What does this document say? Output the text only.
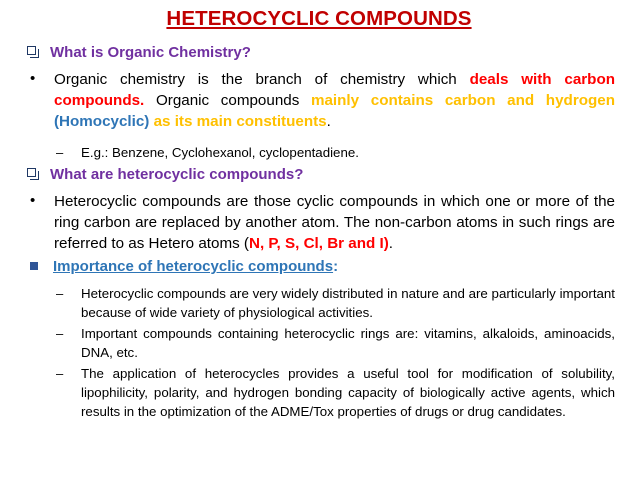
HETEROCYCLIC COMPOUNDS
What is Organic Chemistry?
• Organic chemistry is the branch of chemistry which deals with carbon compounds. Organic compounds mainly contains carbon and hydrogen (Homocyclic) as its main constituents.
– E.g.: Benzene, Cyclohexanol, cyclopentadiene.
What are heterocyclic compounds?
• Heterocyclic compounds are those cyclic compounds in which one or more of the ring carbon are replaced by another atom. The non-carbon atoms in such rings are referred to as Hetero atoms (N, P, S, Cl, Br and I).
Importance of heterocyclic compounds:
– Heterocyclic compounds are very widely distributed in nature and are particularly important because of wide variety of physiological activities.
– Important compounds containing heterocyclic rings are: vitamins, alkaloids, aminoacids, DNA, etc.
– The application of heterocycles provides a useful tool for modification of solubility, lipophilicity, polarity, and hydrogen bonding capacity of biologically active agents, which results in the optimization of the ADME/Tox properties of drugs or drug candidates.
